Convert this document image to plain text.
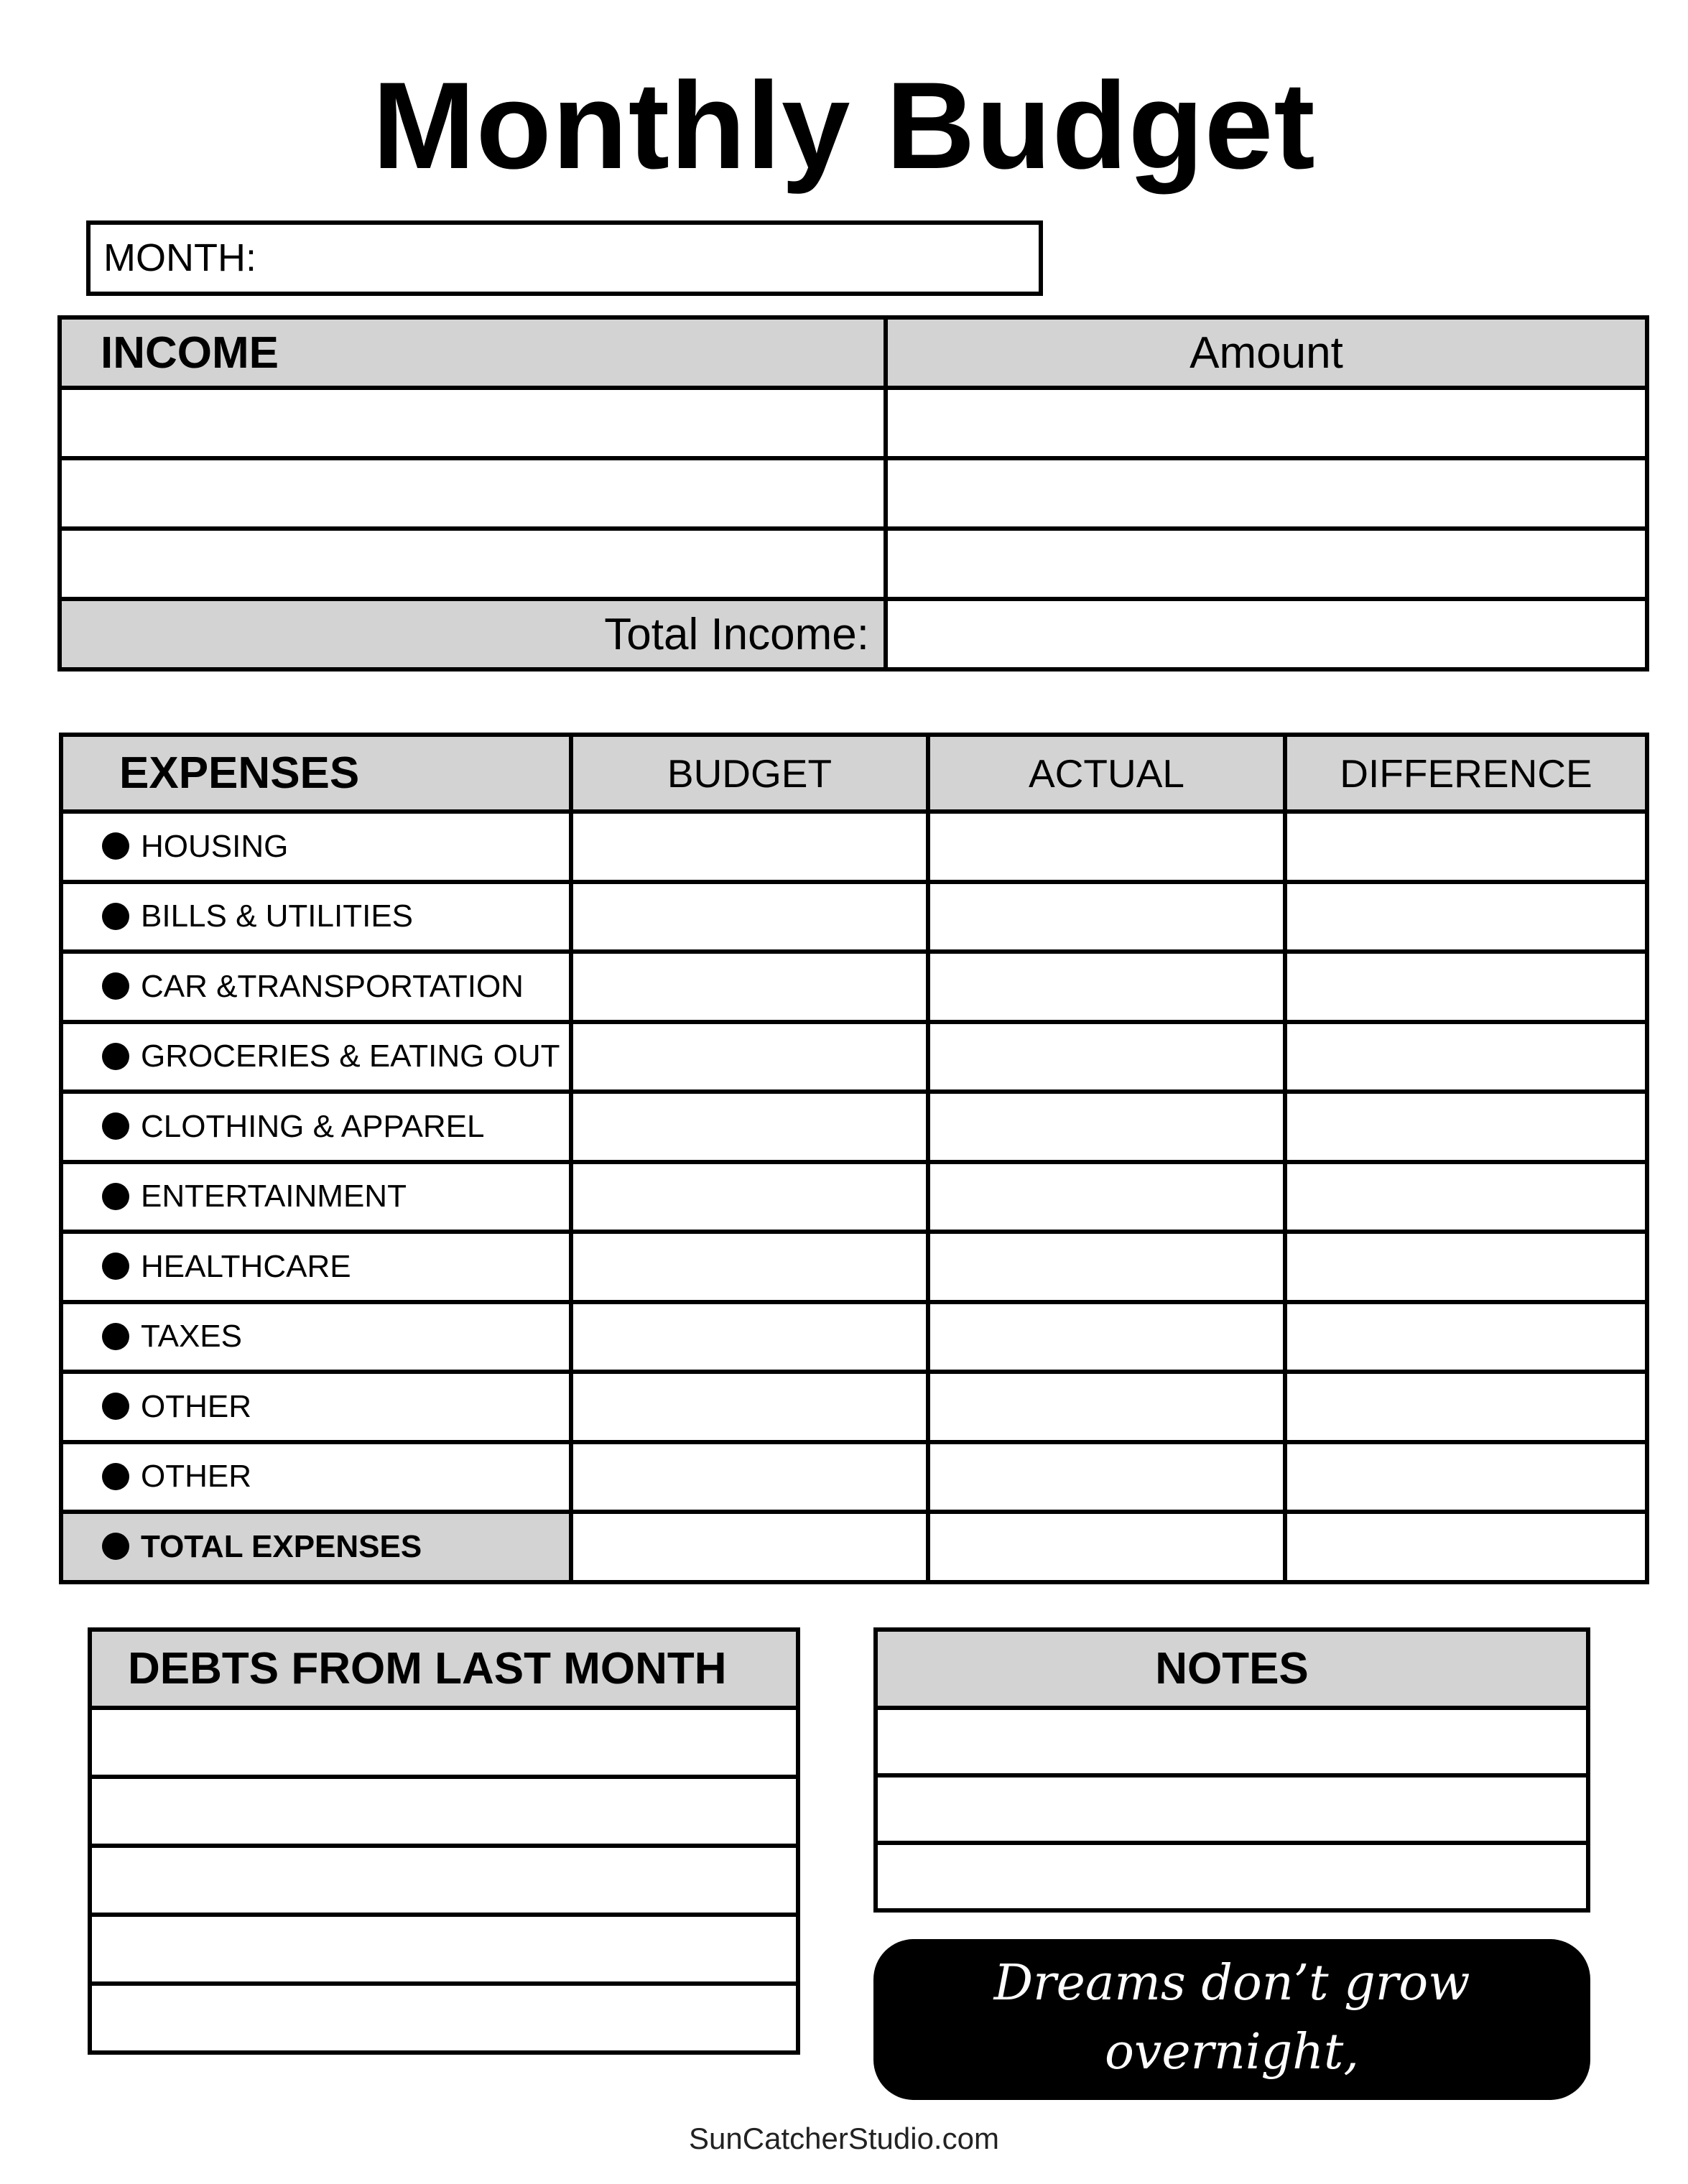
Monthly Budget
MONTH:
INCOME	Amount

Total Income:	
EXPENSES	BUDGET	ACTUAL	DIFFERENCE
HOUSING			
BILLS & UTILITIES			
CAR &TRANSPORTATION			
GROCERIES & EATING OUT			
CLOTHING & APPAREL			
ENTERTAINMENT			
HEALTHCARE			
TAXES			
OTHER			
OTHER			
TOTAL EXPENSES			
DEBTS FROM LAST MONTH	NOTES

Dreams don’t grow overnight,
they grow daily.
SunCatcherStudio.com
